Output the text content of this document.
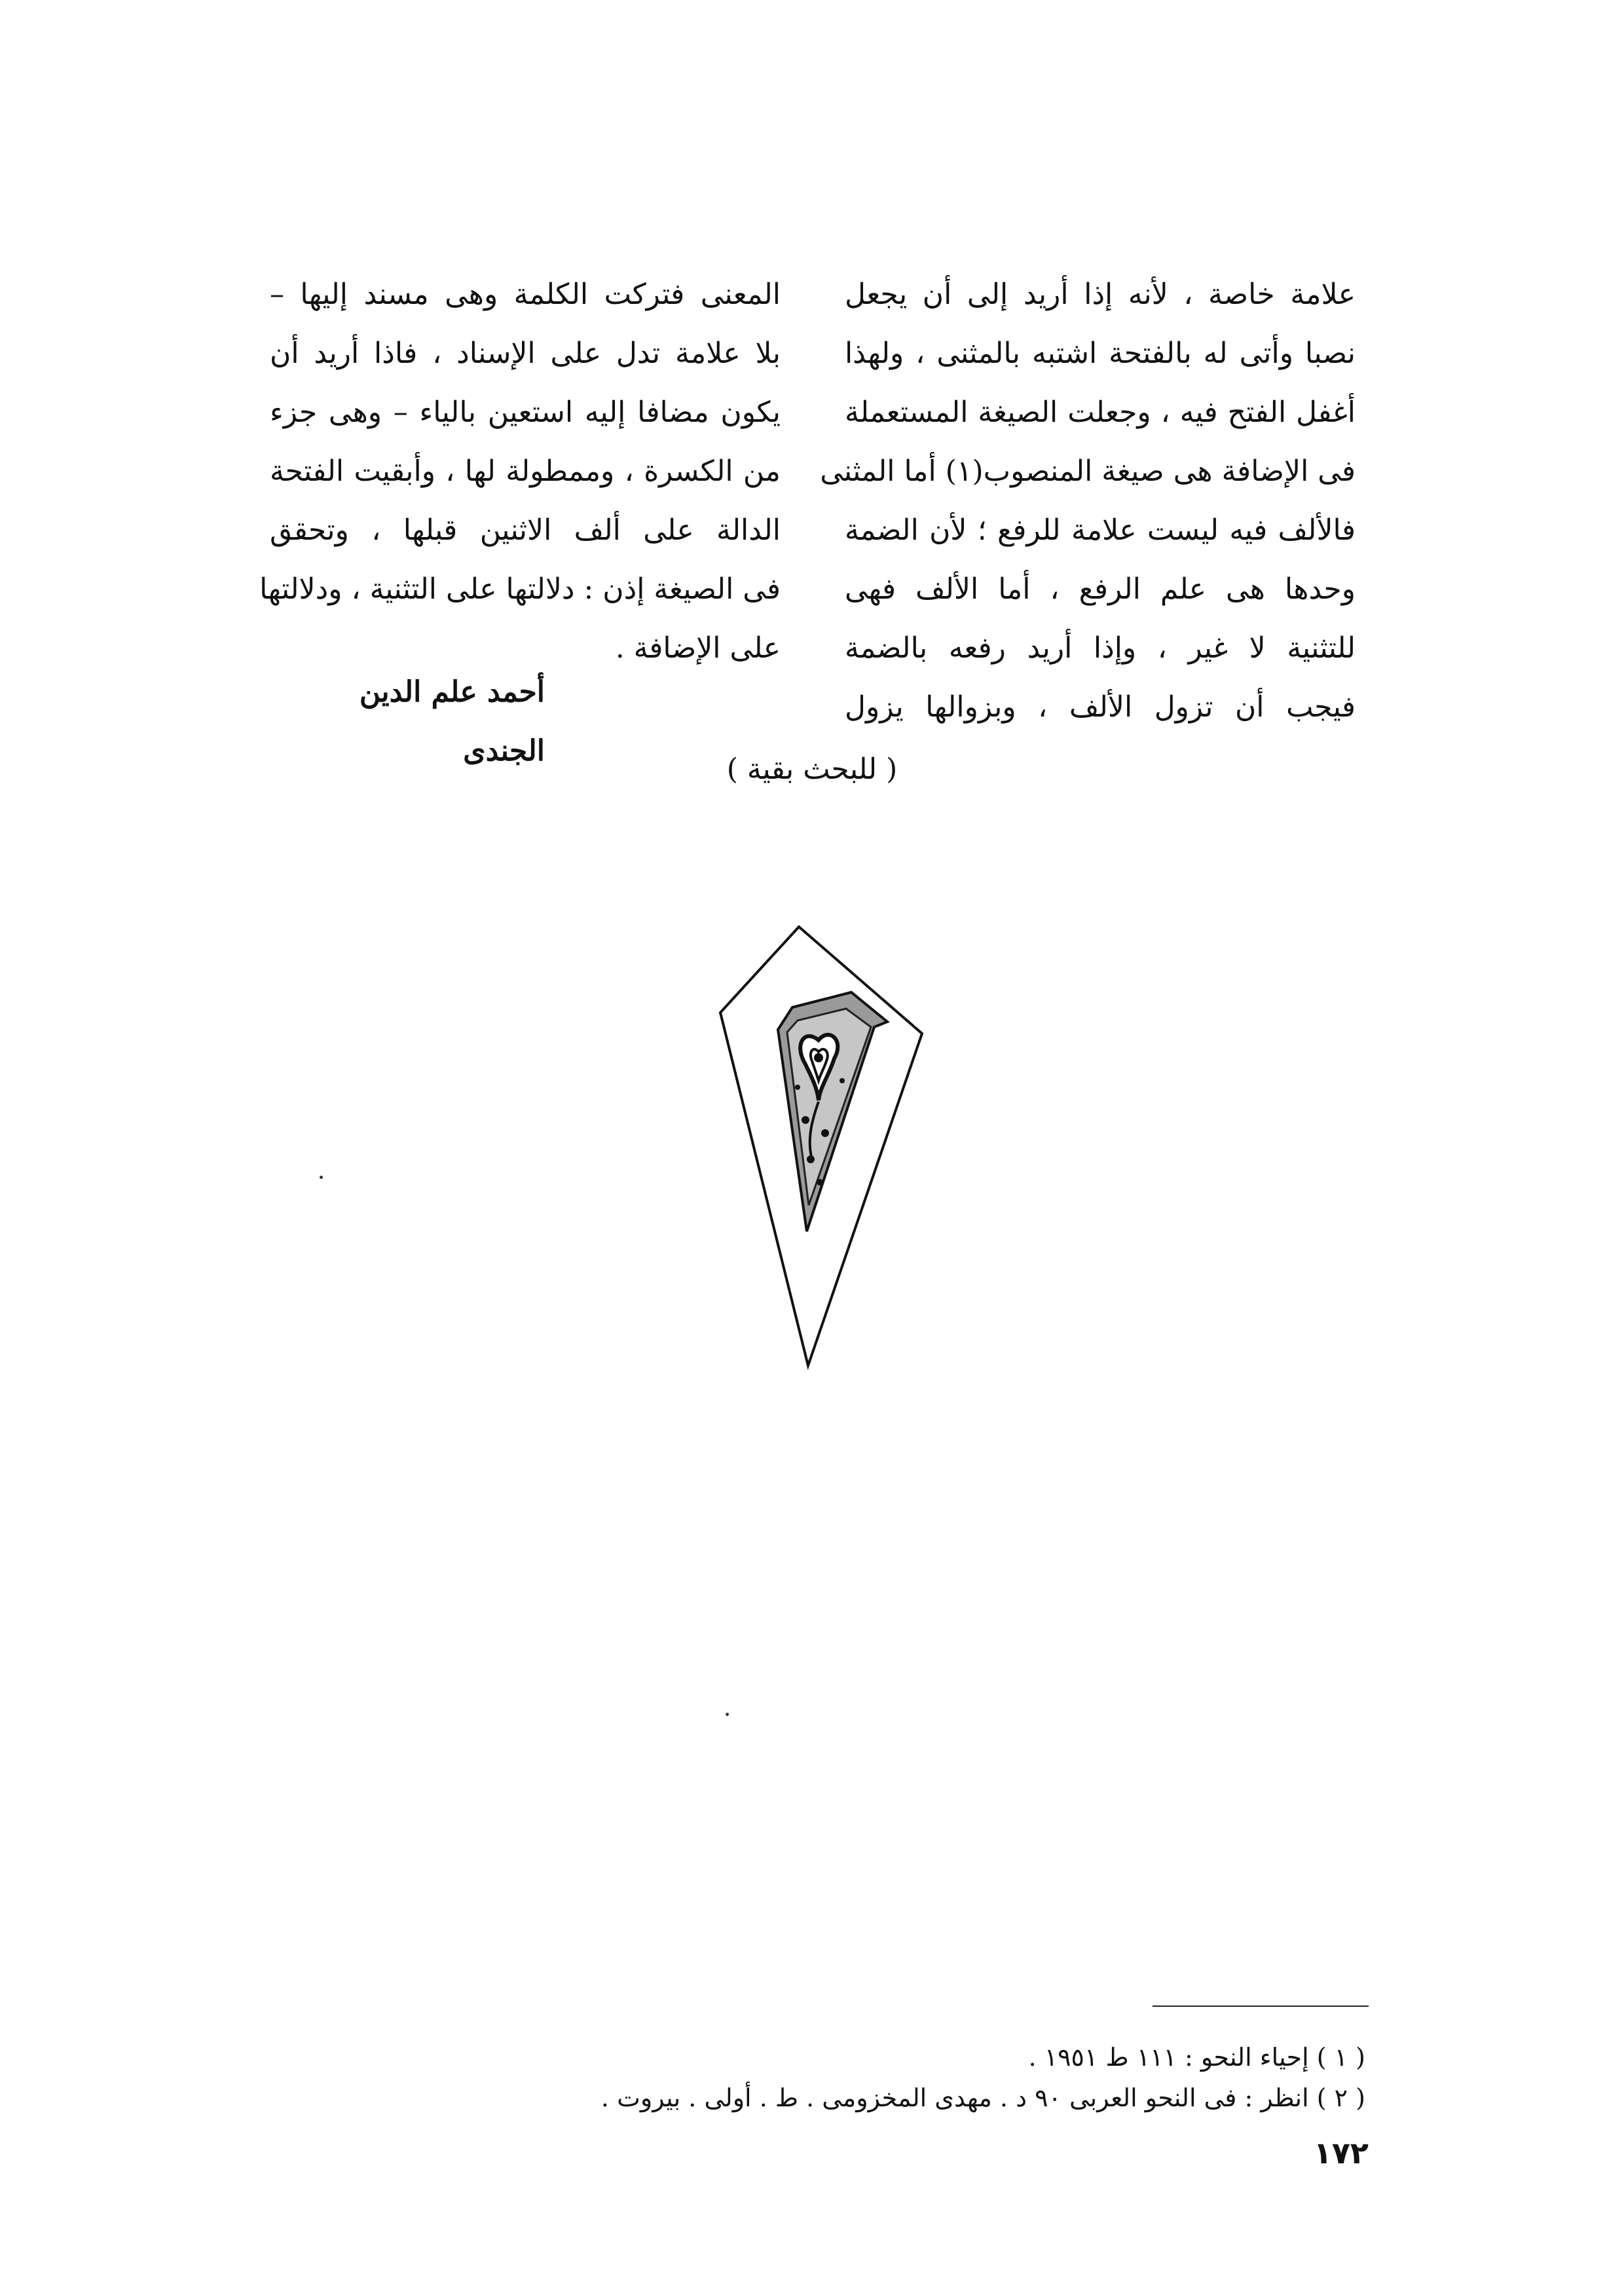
علامة خاصة ، لأنه إذا أريد إلى أن يجعل
نصبا وأتى له بالفتحة اشتبه بالمثنى ، ولهذا
أغفل الفتح فيه ، وجعلت الصيغة المستعملة
فى الإضافة هى صيغة المنصوب(١) أما المثنى
فالألف فيه ليست علامة للرفع ؛ لأن الضمة
وحدها هى علم الرفع ، أما الألف فهى
للتثنية لا غير ، وإذا أريد رفعه بالضمة
فيجب أن تزول الألف ، وبزوالها يزول
المعنى فتركت الكلمة وهى مسند إليها –
بلا علامة تدل على الإسناد ، فاذا أريد أن
يكون مضافا إليه استعين بالياء – وهى جزء
من الكسرة ، وممطولة لها ، وأبقيت الفتحة
الدالة على ألف الاثنين قبلها ، وتحقق
فى الصيغة إذن : دلالتها على التثنية ، ودلالتها
على الإضافة .
أحمد علم الدين الجندى
( للبحث بقية )
( ١ ) إحياء النحو : ١١١ ط ١٩٥١ .
( ٢ ) انظر : فى النحو العربى ٩٠ د . مهدى المخزومى . ط . أولى . بيروت .
١٧٢
